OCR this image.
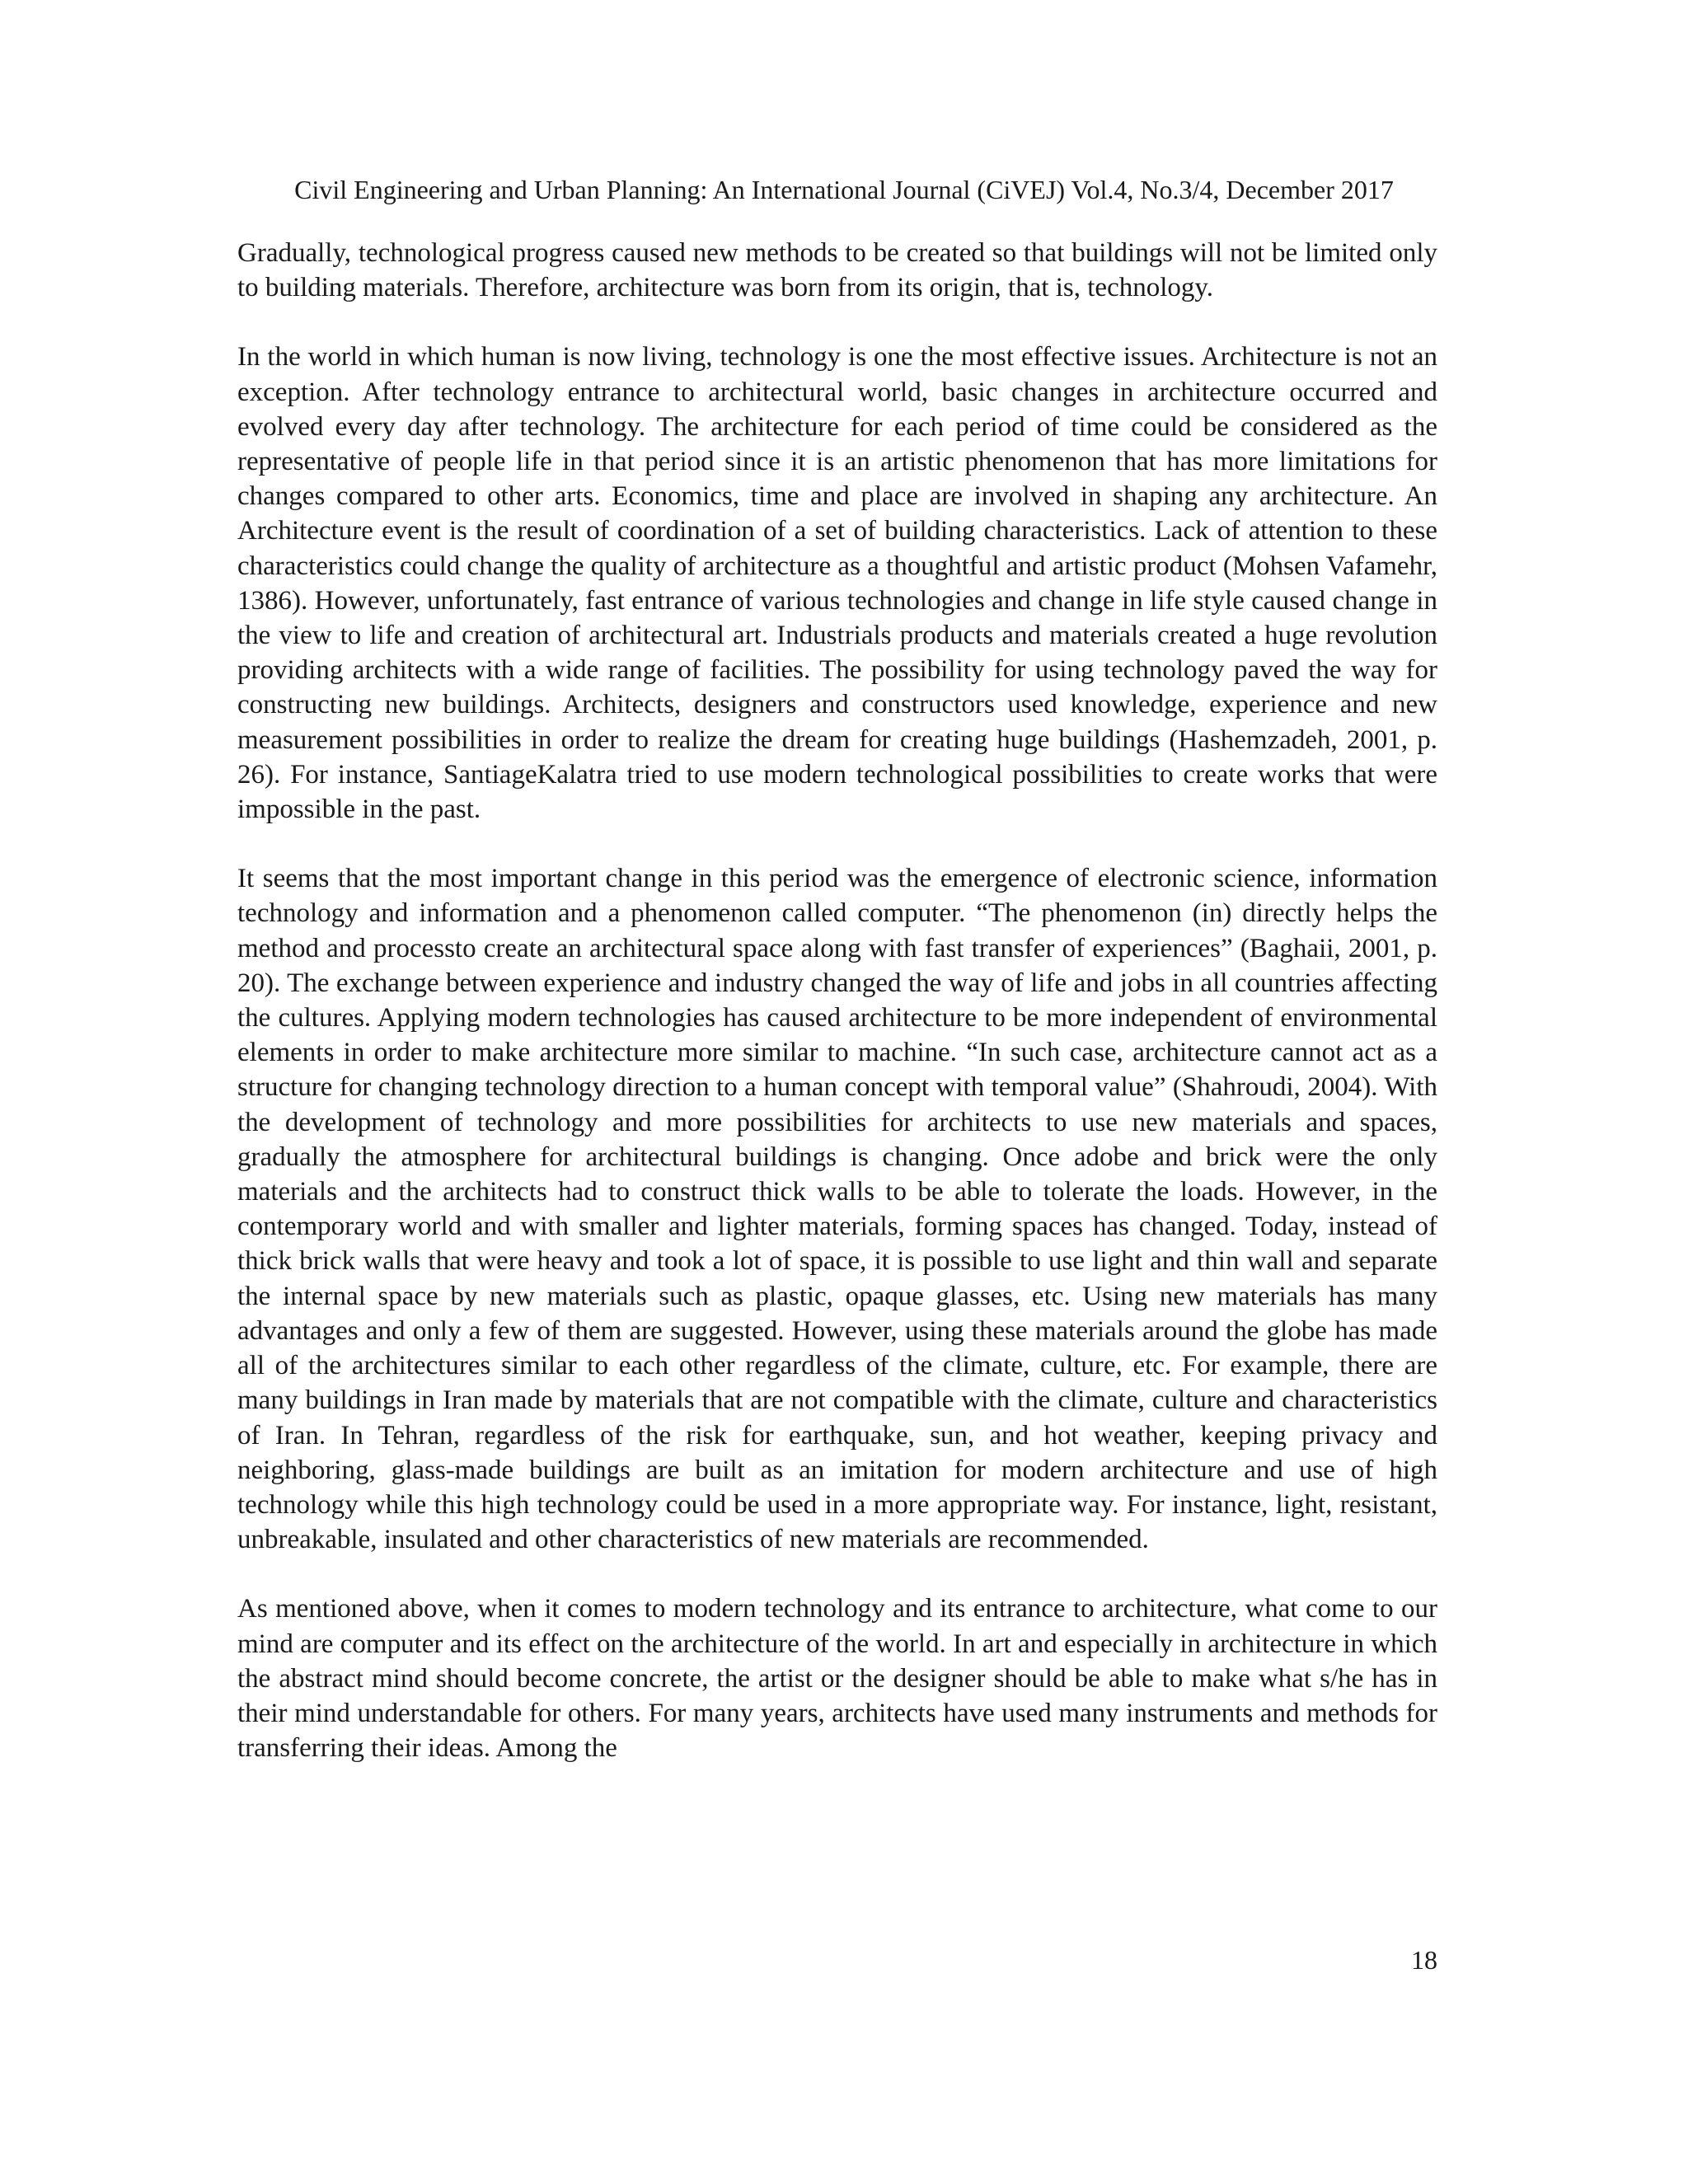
Civil Engineering and Urban Planning: An International Journal (CiVEJ) Vol.4, No.3/4, December 2017

Gradually, technological progress caused new methods to be created so that buildings will not be limited only to building materials. Therefore, architecture was born from its origin, that is, technology.

In the world in which human is now living, technology is one the most effective issues. Architecture is not an exception. After technology entrance to architectural world, basic changes in architecture occurred and evolved every day after technology. The architecture for each period of time could be considered as the representative of people life in that period since it is an artistic phenomenon that has more limitations for changes compared to other arts. Economics, time and place are involved in shaping any architecture. An Architecture event is the result of coordination of a set of building characteristics. Lack of attention to these characteristics could change the quality of architecture as a thoughtful and artistic product (Mohsen Vafamehr, 1386). However, unfortunately, fast entrance of various technologies and change in life style caused change in the view to life and creation of architectural art. Industrials products and materials created a huge revolution providing architects with a wide range of facilities. The possibility for using technology paved the way for constructing new buildings. Architects, designers and constructors used knowledge, experience and new measurement possibilities in order to realize the dream for creating huge buildings (Hashemzadeh, 2001, p. 26). For instance, SantiageKalatra tried to use modern technological possibilities to create works that were impossible in the past.

It seems that the most important change in this period was the emergence of electronic science, information technology and information and a phenomenon called computer. “The phenomenon (in) directly helps the method and processto create an architectural space along with fast transfer of experiences” (Baghaii, 2001, p. 20). The exchange between experience and industry changed the way of life and jobs in all countries affecting the cultures. Applying modern technologies has caused architecture to be more independent of environmental elements in order to make architecture more similar to machine. “In such case, architecture cannot act as a structure for changing technology direction to a human concept with temporal value” (Shahroudi, 2004). With the development of technology and more possibilities for architects to use new materials and spaces, gradually the atmosphere for architectural buildings is changing. Once adobe and brick were the only materials and the architects had to construct thick walls to be able to tolerate the loads. However, in the contemporary world and with smaller and lighter materials, forming spaces has changed. Today, instead of thick brick walls that were heavy and took a lot of space, it is possible to use light and thin wall and separate the internal space by new materials such as plastic, opaque glasses, etc. Using new materials has many advantages and only a few of them are suggested. However, using these materials around the globe has made all of the architectures similar to each other regardless of the climate, culture, etc. For example, there are many buildings in Iran made by materials that are not compatible with the climate, culture and characteristics of Iran. In Tehran, regardless of the risk for earthquake, sun, and hot weather, keeping privacy and neighboring, glass-made buildings are built as an imitation for modern architecture and use of high technology while this high technology could be used in a more appropriate way. For instance, light, resistant, unbreakable, insulated and other characteristics of new materials are recommended.

As mentioned above, when it comes to modern technology and its entrance to architecture, what come to our mind are computer and its effect on the architecture of the world. In art and especially in architecture in which the abstract mind should become concrete, the artist or the designer should be able to make what s/he has in their mind understandable for others. For many years, architects have used many instruments and methods for transferring their ideas. Among the

18
